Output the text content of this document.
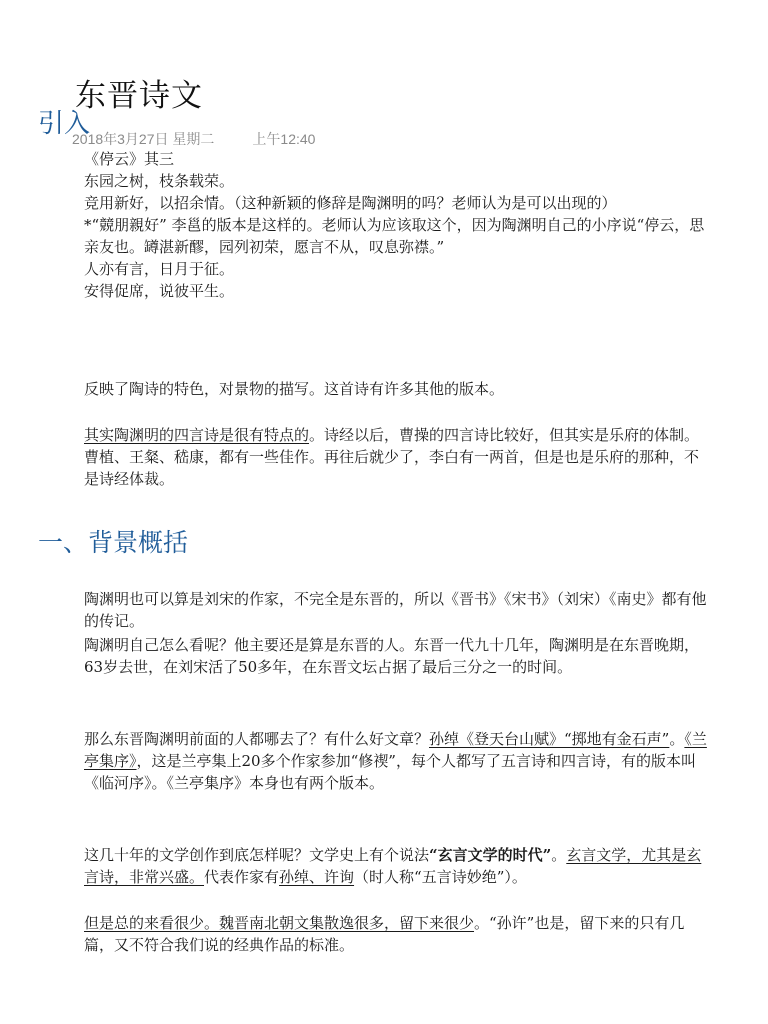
东晋诗文
引入
2018年3月27日 星期二	上午12:40
《停云》其三
东园之树，枝条载荣。
竞用新好，以招余情。（这种新颖的修辞是陶渊明的吗？老师认为是可以出现的）
*“競朋親好” 李邕的版本是这样的。老师认为应该取这个，因为陶渊明自己的小序说“停云，思亲友也。罇湛新醪，园列初荣，愿言不从，叹息弥襟。”
人亦有言，日月于征。
安得促席，说彼平生。
反映了陶诗的特色，对景物的描写。这首诗有许多其他的版本。
其实陶渊明的四言诗是很有特点的。诗经以后，曹操的四言诗比较好，但其实是乐府的体制。曹植、王粲、嵇康，都有一些佳作。再往后就少了，李白有一两首，但是也是乐府的那种，不是诗经体裁。
一、背景概括
陶渊明也可以算是刘宋的作家，不完全是东晋的，所以《晋书》《宋书》（刘宋）《南史》都有他的传记。
陶渊明自己怎么看呢？他主要还是算是东晋的人。东晋一代九十几年，陶渊明是在东晋晚期，63岁去世，在刘宋活了50多年，在东晋文坛占据了最后三分之一的时间。
那么东晋陶渊明前面的人都哪去了？有什么好文章？孙绰《登天台山赋》“掷地有金石声”。《兰亭集序》，这是兰亭集上20多个作家参加“修禊”，每个人都写了五言诗和四言诗，有的版本叫《临河序》。《兰亭集序》本身也有两个版本。
这几十年的文学创作到底怎样呢？文学史上有个说法“玄言文学的时代”。玄言文学，尤其是玄言诗，非常兴盛。代表作家有孙绰、许询（时人称“五言诗妙绝”）。
但是总的来看很少。魏晋南北朝文集散逸很多，留下来很少。“孙许”也是，留下来的只有几篇，又不符合我们说的经典作品的标准。
